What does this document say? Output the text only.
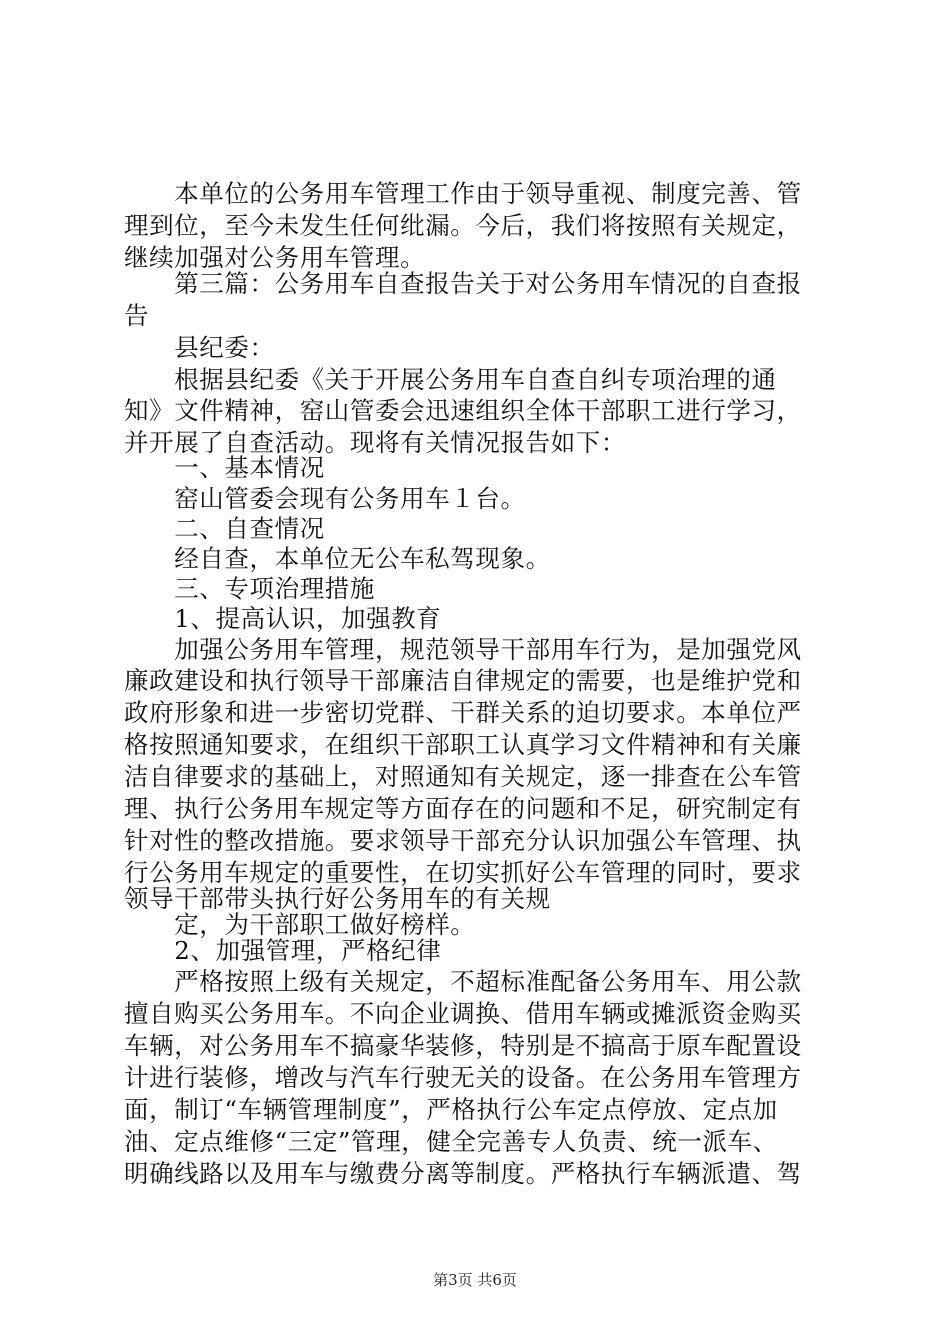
　　本单位的公务用车管理工作由于领导重视、制度完善、管
理到位，至今未发生任何纰漏。今后，我们将按照有关规定，
继续加强对公务用车管理。
　　第三篇：公务用车自查报告关于对公务用车情况的自查报
告
　　县纪委：
　　根据县纪委《关于开展公务用车自查自纠专项治理的通
知》文件精神，窑山管委会迅速组织全体干部职工进行学习，
并开展了自查活动。现将有关情况报告如下：
　　一、基本情况
　　窑山管委会现有公务用车１台。
　　二、自查情况
　　经自查，本单位无公车私驾现象。
　　三、专项治理措施
　　1、提高认识，加强教育
　　加强公务用车管理，规范领导干部用车行为，是加强党风
廉政建设和执行领导干部廉洁自律规定的需要，也是维护党和
政府形象和进一步密切党群、干群关系的迫切要求。本单位严
格按照通知要求，在组织干部职工认真学习文件精神和有关廉
洁自律要求的基础上，对照通知有关规定，逐一排查在公车管
理、执行公务用车规定等方面存在的问题和不足，研究制定有
针对性的整改措施。要求领导干部充分认识加强公车管理、执
行公务用车规定的重要性，在切实抓好公车管理的同时，要求
领导干部带头执行好公务用车的有关规
　　定，为干部职工做好榜样。
　　2、加强管理，严格纪律
　　严格按照上级有关规定，不超标准配备公务用车、用公款
擅自购买公务用车。不向企业调换、借用车辆或摊派资金购买
车辆，对公务用车不搞豪华装修，特别是不搞高于原车配置设
计进行装修，增改与汽车行驶无关的设备。在公务用车管理方
面，制订“车辆管理制度”，严格执行公车定点停放、定点加
油、定点维修“三定”管理，健全完善专人负责、统一派车、
明确线路以及用车与缴费分离等制度。严格执行车辆派遣、驾
第3页 共6页
